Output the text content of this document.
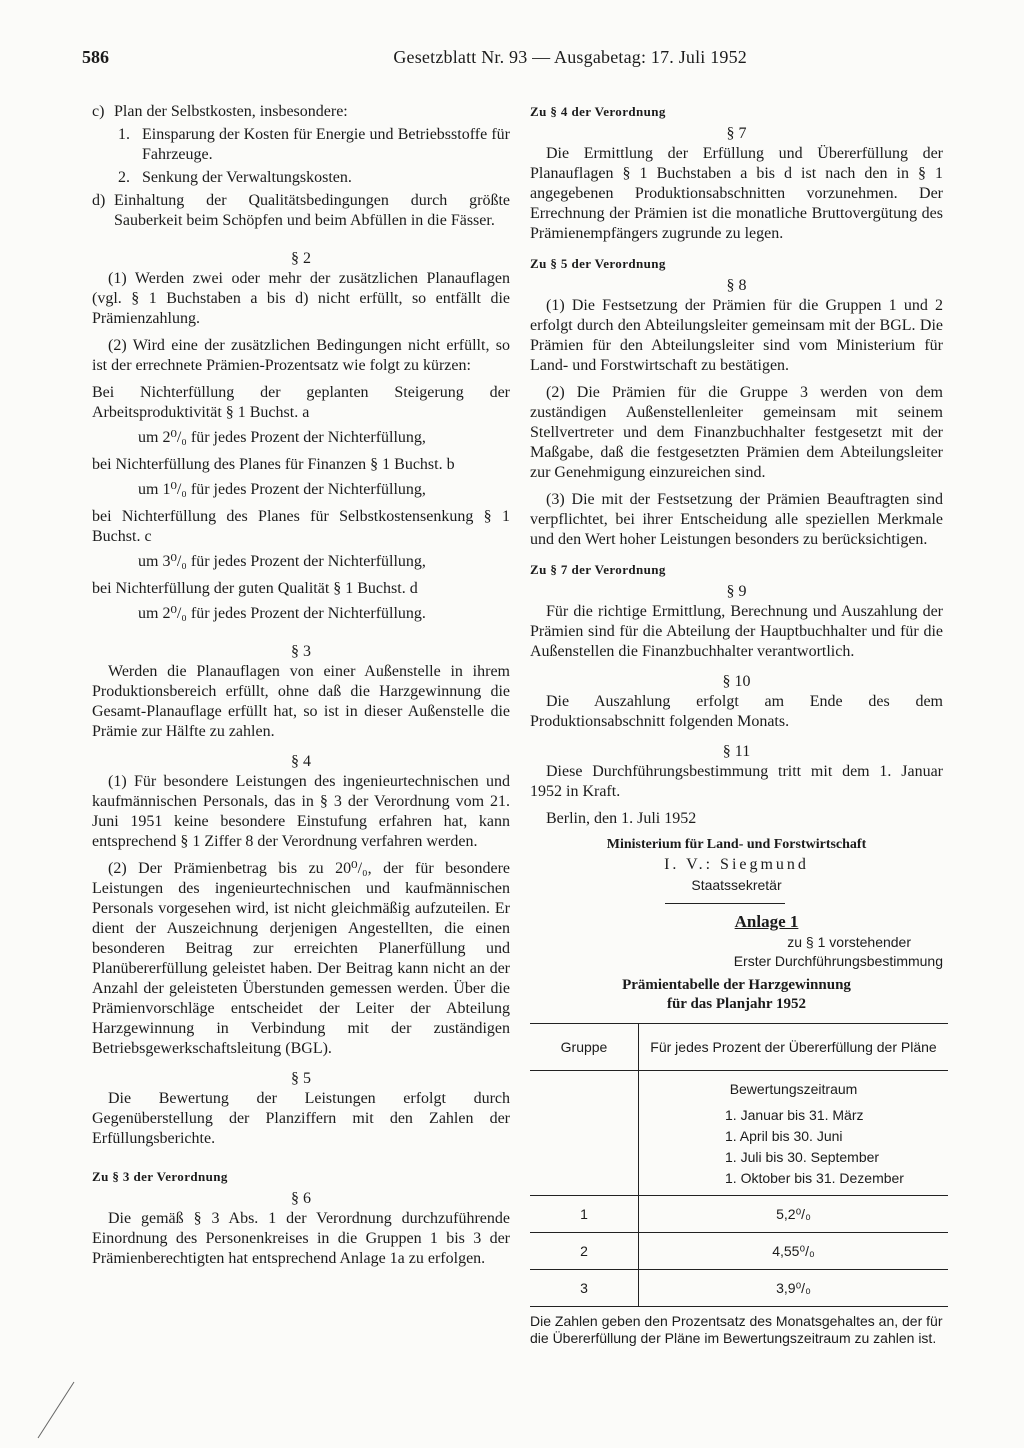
586	Gesetzblatt Nr. 93 — Ausgabetag: 17. Juli 1952
c) Plan der Selbstkosten, insbesondere:
1. Einsparung der Kosten für Energie und Betriebsstoffe für Fahrzeuge.
2. Senkung der Verwaltungskosten.
d) Einhaltung der Qualitätsbedingungen durch größte Sauberkeit beim Schöpfen und beim Abfüllen in die Fässer.

§ 2

(1) Werden zwei oder mehr der zusätzlichen Planauflagen (vgl. § 1 Buchstaben a bis d) nicht erfüllt, so entfällt die Prämienzahlung.

(2) Wird eine der zusätzlichen Bedingungen nicht erfüllt, so ist der errechnete Prämien-Prozentsatz wie folgt zu kürzen:

Bei Nichterfüllung der geplanten Steigerung der Arbeitsproduktivität § 1 Buchst. a

um 2⁰/₀ für jedes Prozent der Nichterfüllung,

bei Nichterfüllung des Planes für Finanzen § 1 Buchst. b

um 1⁰/₀ für jedes Prozent der Nichterfüllung,

bei Nichterfüllung des Planes für Selbstkostensenkung § 1 Buchst. c

um 3⁰/₀ für jedes Prozent der Nichterfüllung,

bei Nichterfüllung der guten Qualität § 1 Buchst. d

um 2⁰/₀ für jedes Prozent der Nichterfüllung.

§ 3

Werden die Planauflagen von einer Außenstelle in ihrem Produktionsbereich erfüllt, ohne daß die Harzgewinnung die Gesamt-Planauflage erfüllt hat, so ist in dieser Außenstelle die Prämie zur Hälfte zu zahlen.

§ 4

(1) Für besondere Leistungen des ingenieurtechnischen und kaufmännischen Personals, das in § 3 der Verordnung vom 21. Juni 1951 keine besondere Einstufung erfahren hat, kann entsprechend § 1 Ziffer 8 der Verordnung verfahren werden.

(2) Der Prämienbetrag bis zu 20⁰/₀, der für besondere Leistungen des ingenieurtechnischen und kaufmännischen Personals vorgesehen wird, ist nicht gleichmäßig aufzuteilen. Er dient der Auszeichnung derjenigen Angestellten, die einen besonderen Beitrag zur erreichten Planerfüllung und Planübererfüllung geleistet haben. Der Beitrag kann nicht an der Anzahl der geleisteten Überstunden gemessen werden. Über die Prämienvorschläge entscheidet der Leiter der Abteilung Harzgewinnung in Verbindung mit der zuständigen Betriebsgewerkschaftsleitung (BGL).

§ 5

Die Bewertung der Leistungen erfolgt durch Gegenüberstellung der Planziffern mit den Zahlen der Erfüllungsberichte.

Zu § 3 der Verordnung

§ 6

Die gemäß § 3 Abs. 1 der Verordnung durchzuführende Einordnung des Personenkreises in die Gruppen 1 bis 3 der Prämienberechtigten hat entsprechend Anlage 1a zu erfolgen.

Zu § 4 der Verordnung

§ 7

Die Ermittlung der Erfüllung und Übererfüllung der Planauflagen § 1 Buchstaben a bis d ist nach den in § 1 angegebenen Produktionsabschnitten vorzunehmen. Der Errechnung der Prämien ist die monatliche Bruttovergütung des Prämienempfängers zugrunde zu legen.

Zu § 5 der Verordnung

§ 8

(1) Die Festsetzung der Prämien für die Gruppen 1 und 2 erfolgt durch den Abteilungsleiter gemeinsam mit der BGL. Die Prämien für den Abteilungsleiter sind vom Ministerium für Land- und Forstwirtschaft zu bestätigen.

(2) Die Prämien für die Gruppe 3 werden von dem zuständigen Außenstellenleiter gemeinsam mit seinem Stellvertreter und dem Finanzbuchhalter festgesetzt mit der Maßgabe, daß die festgesetzten Prämien dem Abteilungsleiter zur Genehmigung einzureichen sind.

(3) Die mit der Festsetzung der Prämien Beauftragten sind verpflichtet, bei ihrer Entscheidung alle speziellen Merkmale und den Wert hoher Leistungen besonders zu berücksichtigen.

Zu § 7 der Verordnung

§ 9

Für die richtige Ermittlung, Berechnung und Auszahlung der Prämien sind für die Abteilung der Hauptbuchhalter und für die Außenstellen die Finanzbuchhalter verantwortlich.

§ 10

Die Auszahlung erfolgt am Ende des dem Produktionsabschnitt folgenden Monats.

§ 11

Diese Durchführungsbestimmung tritt mit dem 1. Januar 1952 in Kraft.

Berlin, den 1. Juli 1952

Ministerium für Land- und Forstwirtschaft

I. V.: Siegmund

Staatssekretär

Anlage 1

zu § 1 vorstehender

Erster Durchführungsbestimmung

Prämientabelle der Harzgewinnung

für das Planjahr 1952

Gruppe	Für jedes Prozent der Übererfüllung der Pläne

	Bewertungszeitraum
1. Januar bis 31. März
1. April bis 30. Juni
1. Juli bis 30. September
1. Oktober bis 31. Dezember

1	5,2⁰/₀
2	4,55⁰/₀
3	3,9⁰/₀

Die Zahlen geben den Prozentsatz des Monatsgehaltes an, der für die Übererfüllung der Pläne im Bewertungszeitraum zu zahlen ist.
